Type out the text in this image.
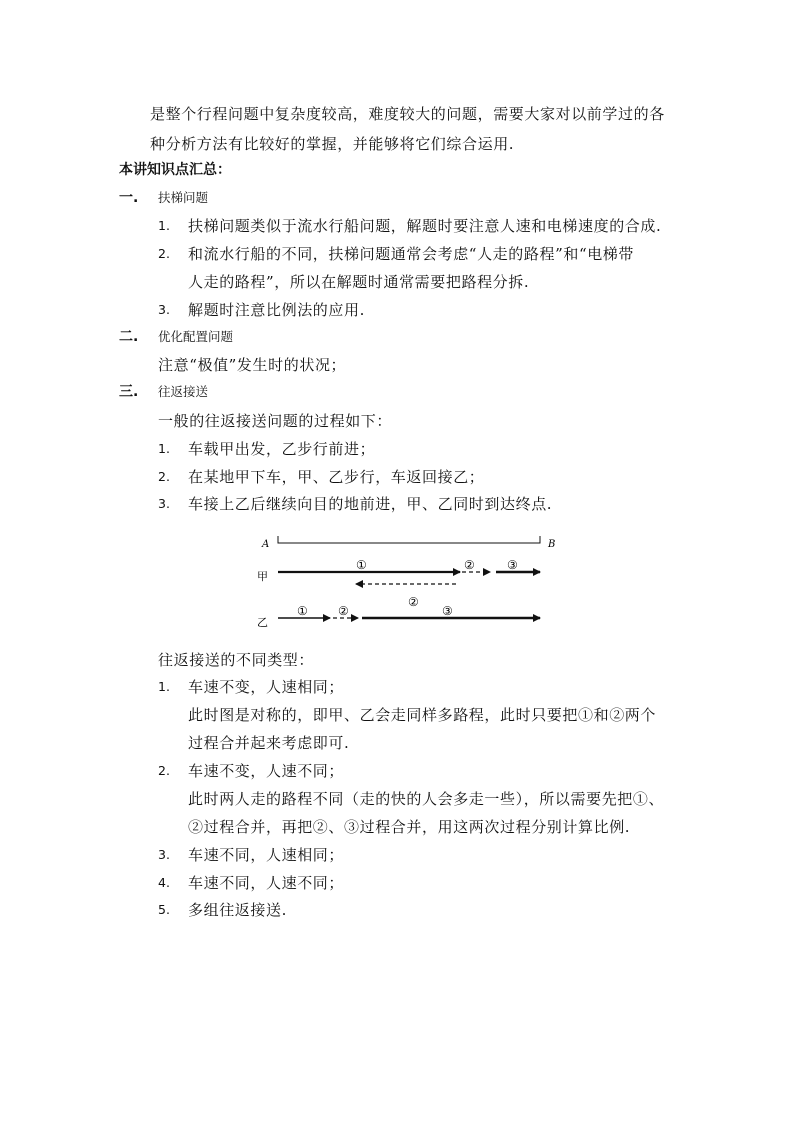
是整个行程问题中复杂度较高，难度较大的问题，需要大家对以前学过的各
种分析方法有比较好的掌握，并能够将它们综合运用.
本讲知识点汇总：
一. 扶梯问题
1. 扶梯问题类似于流水行船问题，解题时要注意人速和电梯速度的合成.
2. 和流水行船的不同，扶梯问题通常会考虑“人走的路程”和“电梯带
人走的路程”，所以在解题时通常需要把路程分拆.
3. 解题时注意比例法的应用.
二. 优化配置问题
注意“极值”发生时的状况；
三. 往返接送
一般的往返接送问题的过程如下：
1. 车载甲出发，乙步行前进；
2. 在某地甲下车，甲、乙步行，车返回接乙；
3. 车接上乙后继续向目的地前进，甲、乙同时到达终点.
A	B
甲
①	②	③
乙
①	②
②
③
往返接送的不同类型：
1. 车速不变，人速相同；
此时图是对称的，即甲、乙会走同样多路程，此时只要把①和②两个
过程合并起来考虑即可.
2. 车速不变，人速不同；
此时两人走的路程不同（走的快的人会多走一些），所以需要先把①、
②过程合并，再把②、③过程合并，用这两次过程分别计算比例.
3. 车速不同，人速相同；
4. 车速不同，人速不同；
5. 多组往返接送.
